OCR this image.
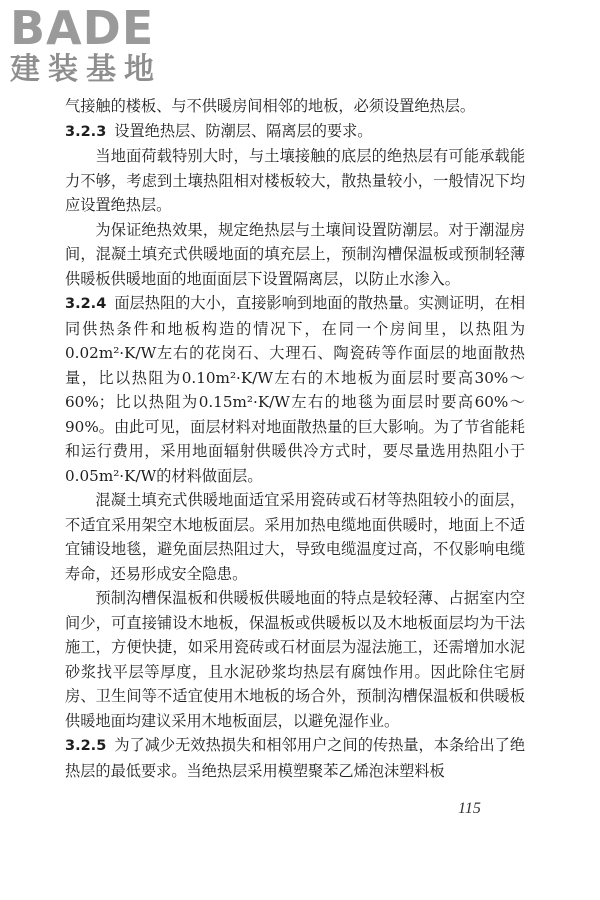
BADE
建装基地

气接触的楼板、与不供暖房间相邻的地板，必须设置绝热层。

3.2.3 设置绝热层、防潮层、隔离层的要求。

当地面荷载特别大时，与土壤接触的底层的绝热层有可能承载能力不够，考虑到土壤热阻相对楼板较大，散热量较小，一般情况下均应设置绝热层。

为保证绝热效果，规定绝热层与土壤间设置防潮层。对于潮湿房间，混凝土填充式供暖地面的填充层上，预制沟槽保温板或预制轻薄供暖板供暖地面的地面面层下设置隔离层，以防止水渗入。

3.2.4 面层热阻的大小，直接影响到地面的散热量。实测证明，在相同供热条件和地板构造的情况下，在同一个房间里，以热阻为0.02m²·K/W左右的花岗石、大理石、陶瓷砖等作面层的地面散热量，比以热阻为0.10m²·K/W左右的木地板为面层时要高30%～60%；比以热阻为0.15m²·K/W左右的地毯为面层时要高60%～90%。由此可见，面层材料对地面散热量的巨大影响。为了节省能耗和运行费用，采用地面辐射供暖供冷方式时，要尽量选用热阻小于0.05m²·K/W的材料做面层。

混凝土填充式供暖地面适宜采用瓷砖或石材等热阻较小的面层，不适宜采用架空木地板面层。采用加热电缆地面供暖时，地面上不适宜铺设地毯，避免面层热阻过大，导致电缆温度过高，不仅影响电缆寿命，还易形成安全隐患。

预制沟槽保温板和供暖板供暖地面的特点是较轻薄、占据室内空间少，可直接铺设木地板，保温板或供暖板以及木地板面层均为干法施工，方便快捷，如采用瓷砖或石材面层为湿法施工，还需增加水泥砂浆找平层等厚度，且水泥砂浆均热层有腐蚀作用。因此除住宅厨房、卫生间等不适宜使用木地板的场合外，预制沟槽保温板和供暖板供暖地面均建议采用木地板面层，以避免湿作业。

3.2.5 为了减少无效热损失和相邻用户之间的传热量，本条给出了绝热层的最低要求。当绝热层采用模塑聚苯乙烯泡沫塑料板

115
